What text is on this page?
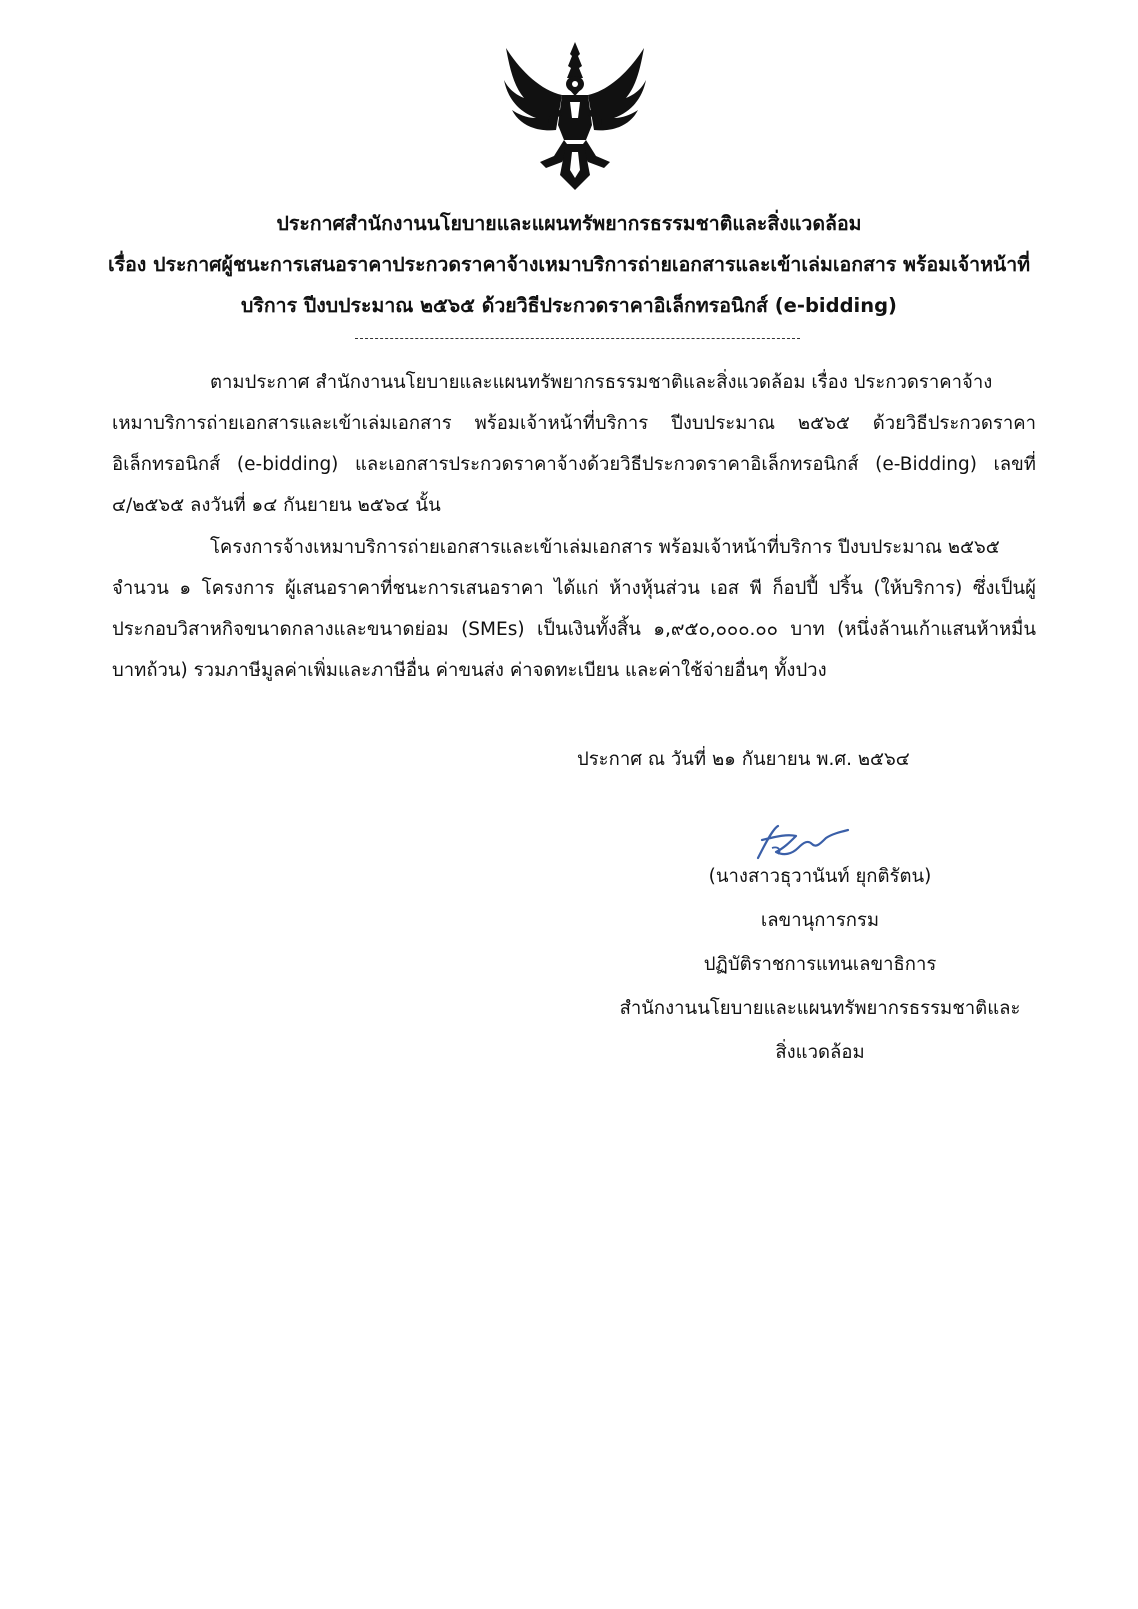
ประกาศสำนักงานนโยบายและแผนทรัพยากรธรรมชาติและสิ่งแวดล้อม
เรื่อง ประกาศผู้ชนะการเสนอราคาประกวดราคาจ้างเหมาบริการถ่ายเอกสารและเข้าเล่มเอกสาร พร้อมเจ้าหน้าที่
บริการ ปีงบประมาณ ๒๕๖๕ ด้วยวิธีประกวดราคาอิเล็กทรอนิกส์ (e-bidding)
ตามประกาศ สำนักงานนโยบายและแผนทรัพยากรธรรมชาติและสิ่งแวดล้อม เรื่อง ประกวดราคาจ้าง
เหมาบริการถ่ายเอกสารและเข้าเล่มเอกสาร พร้อมเจ้าหน้าที่บริการ ปีงบประมาณ ๒๕๖๕ ด้วยวิธีประกวดราคา
อิเล็กทรอนิกส์ (e-bidding) และเอกสารประกวดราคาจ้างด้วยวิธีประกวดราคาอิเล็กทรอนิกส์ (e-Bidding) เลขที่
๔/๒๕๖๕ ลงวันที่ ๑๔ กันยายน ๒๕๖๔ นั้น
โครงการจ้างเหมาบริการถ่ายเอกสารและเข้าเล่มเอกสาร พร้อมเจ้าหน้าที่บริการ ปีงบประมาณ ๒๕๖๕
จำนวน ๑ โครงการ ผู้เสนอราคาที่ชนะการเสนอราคา ได้แก่ ห้างหุ้นส่วน เอส พี ก็อปปี้ ปริ้น (ให้บริการ) ซึ่งเป็นผู้
ประกอบวิสาหกิจขนาดกลางและขนาดย่อม (SMEs) เป็นเงินทั้งสิ้น ๑,๙๕๐,๐๐๐.๐๐ บาท (หนึ่งล้านเก้าแสนห้าหมื่น
บาทถ้วน) รวมภาษีมูลค่าเพิ่มและภาษีอื่น ค่าขนส่ง ค่าจดทะเบียน และค่าใช้จ่ายอื่นๆ ทั้งปวง
ประกาศ ณ วันที่ ๒๑ กันยายน พ.ศ. ๒๕๖๔
(นางสาวธุวานันท์ ยุกติรัตน)
เลขานุการกรม
ปฏิบัติราชการแทนเลขาธิการ
สำนักงานนโยบายและแผนทรัพยากรธรรมชาติและ
สิ่งแวดล้อม
